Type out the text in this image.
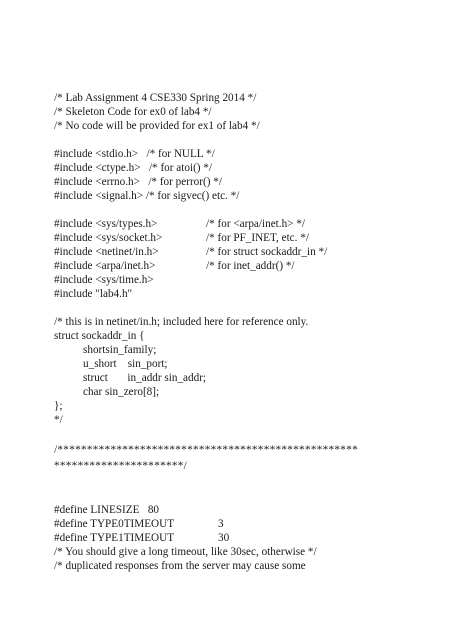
/* Lab Assignment 4 CSE330 Spring 2014 */
/* Skeleton Code for ex0 of lab4 */
/* No code will be provided for ex1 of lab4 */
#include <stdio.h>   /* for NULL */
#include <ctype.h>   /* for atoi() */
#include <errno.h>   /* for perror() */
#include <signal.h> /* for sigvec() etc. */
#include <sys/types.h>	/* for <arpa/inet.h> */
#include <sys/socket.h>	/* for PF_INET, etc. */
#include <netinet/in.h>	/* for struct sockaddr_in */
#include <arpa/inet.h>	/* for inet_addr() */
#include <sys/time.h>
#include "lab4.h"
/* this is in netinet/in.h; included here for reference only.
struct sockaddr_in {
shortsin_family;
u_short    sin_port;
struct       in_addr sin_addr;
char sin_zero[8];
};
*/
/***************************************************
**********************/
#define LINESIZE   80
#define TYPE0TIMEOUT	3
#define TYPE1TIMEOUT	30
/* You should give a long timeout, like 30sec, otherwise */
/* duplicated responses from the server may cause some
